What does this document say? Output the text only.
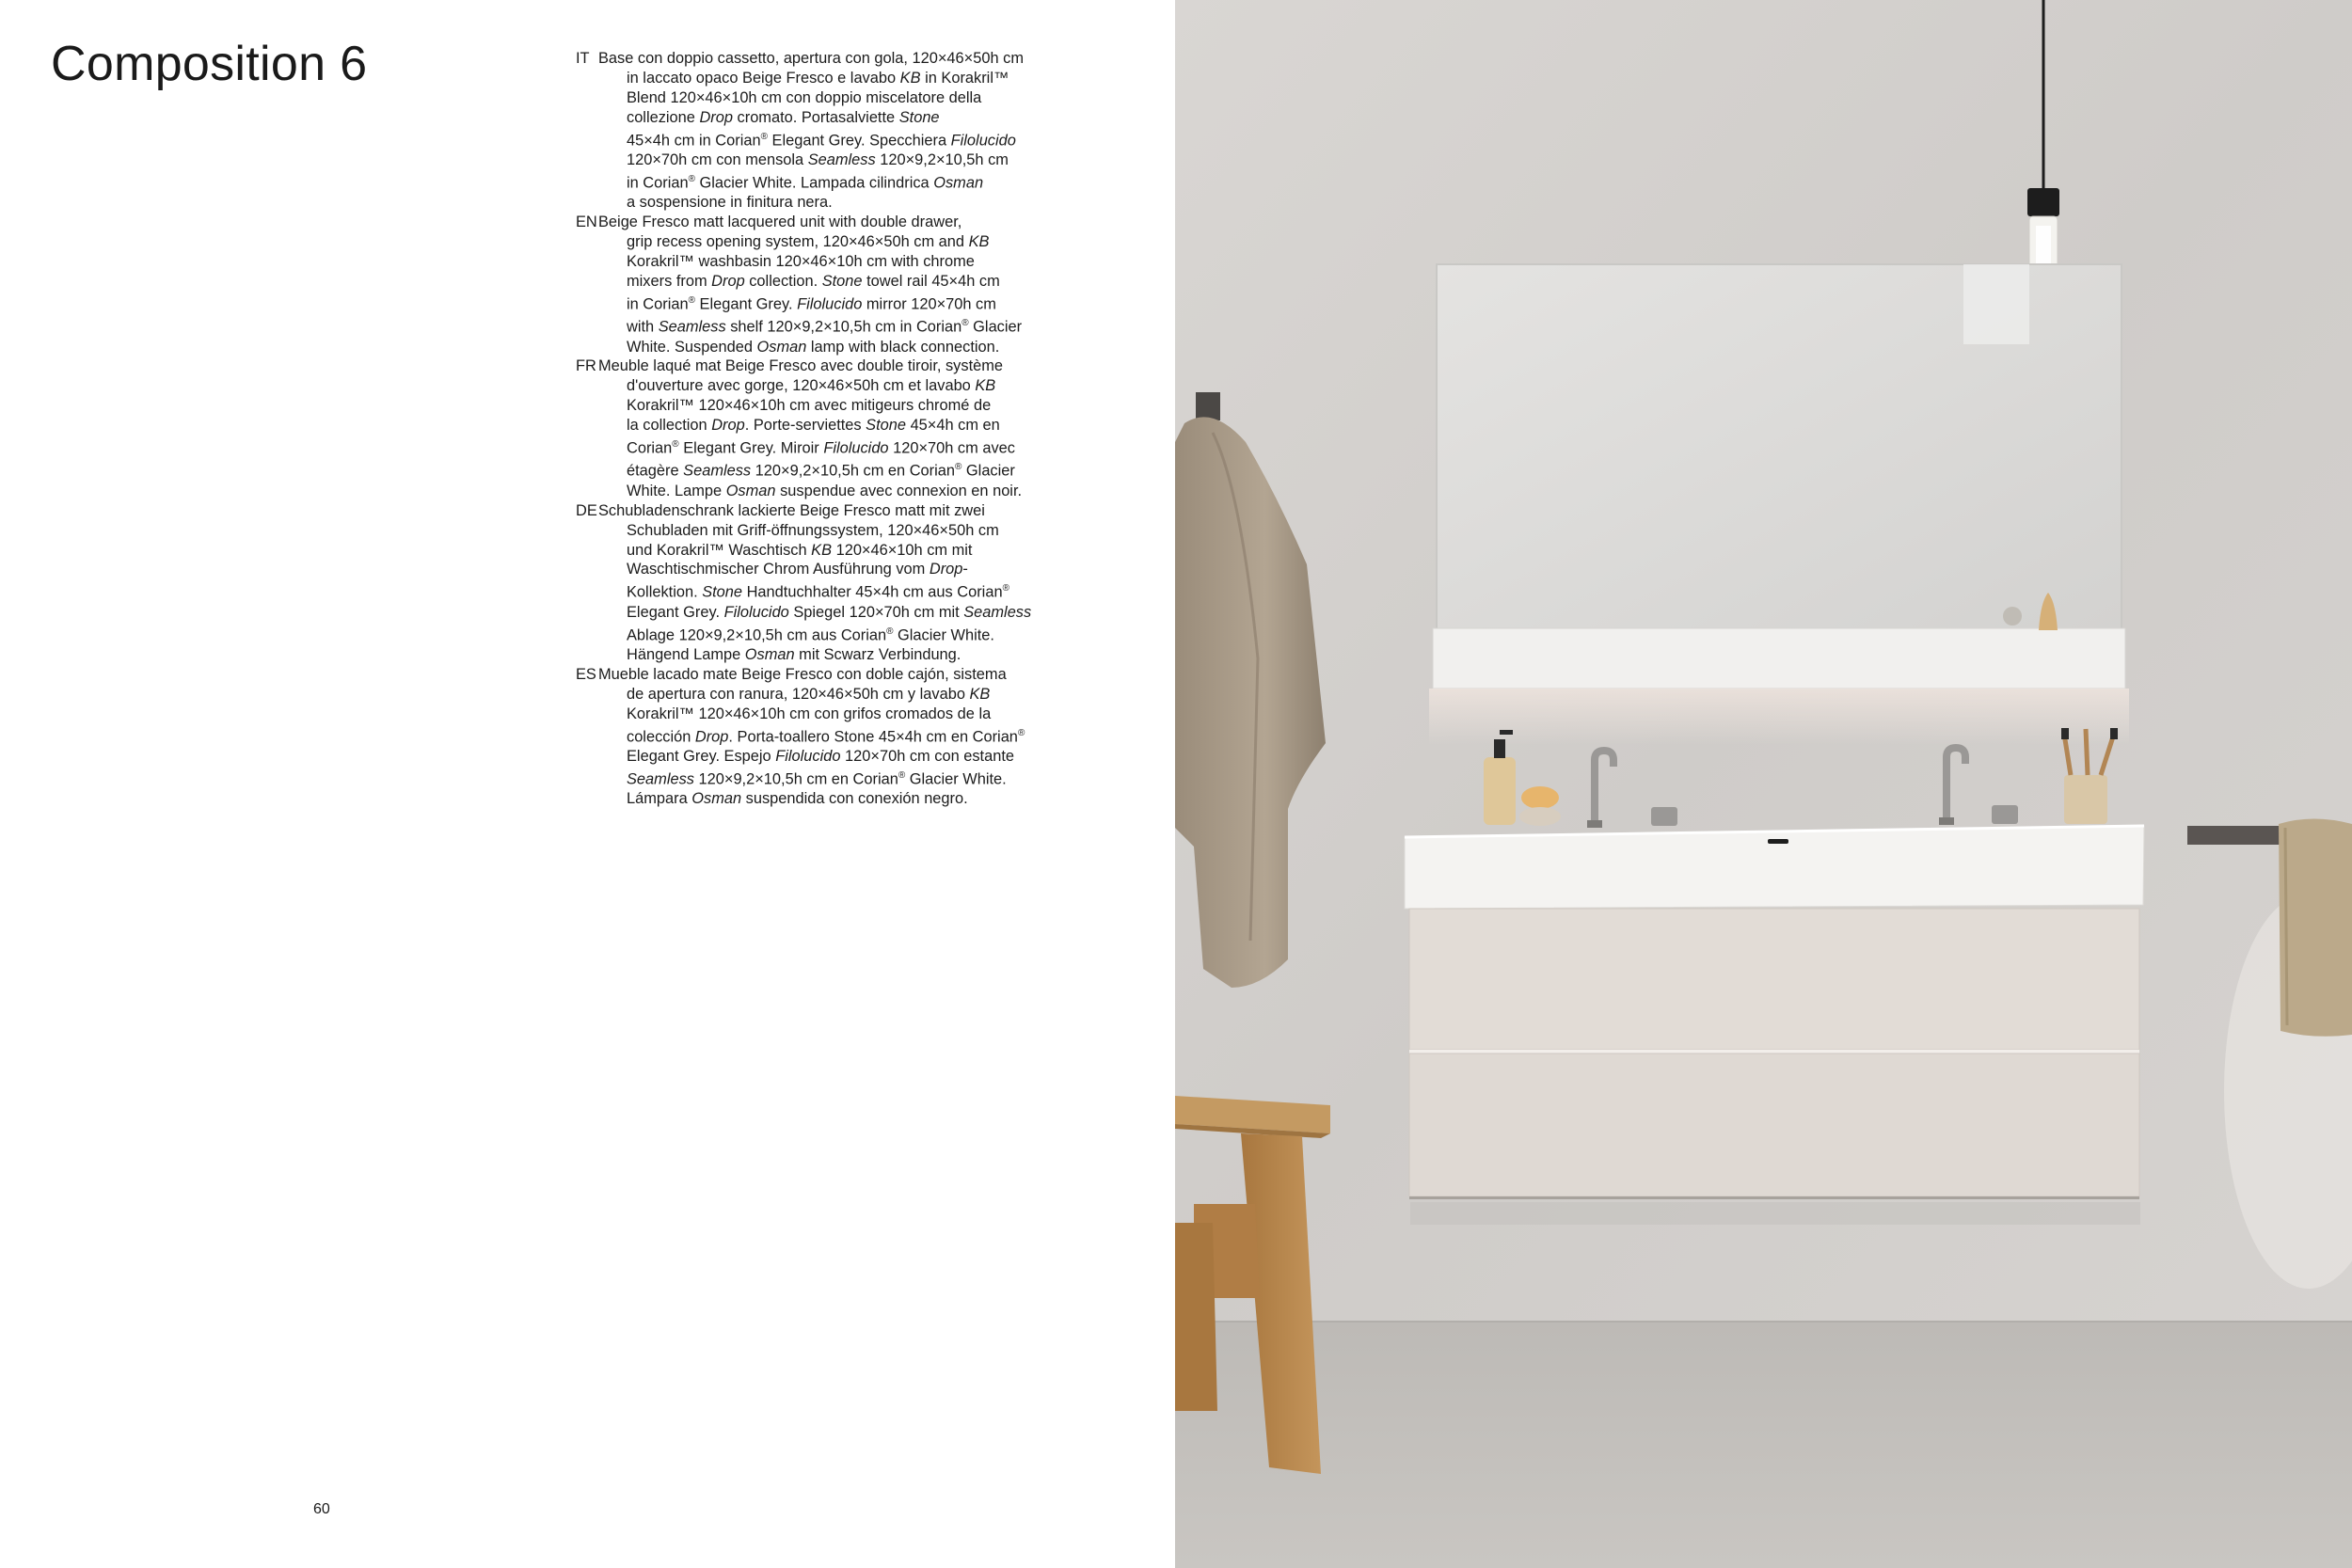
Composition 6	IT Base con doppio cassetto, apertura con gola, 120×46×50h cm
in laccato opaco Beige Fresco e lavabo KB in Korakril™
Blend 120×46×10h cm con doppio miscelatore della
collezione Drop cromato. Portasalviette Stone
45×4h cm in Corian® Elegant Grey. Specchiera Filolucido
120×70h cm con mensola Seamless 120×9,2×10,5h cm
in Corian® Glacier White. Lampada cilindrica Osman
a sospensione in finitura nera.

ENBeige Fresco matt lacquered unit with double drawer,
grip recess opening system, 120×46×50h cm and KB
Korakril™ washbasin 120×46×10h cm with chrome
mixers from Drop collection. Stone towel rail 45×4h cm
in Corian® Elegant Grey. Filolucido mirror 120×70h cm
with Seamless shelf 120×9,2×10,5h cm in Corian® Glacier
White. Suspended Osman lamp with black connection.

FR Meuble laqué mat Beige Fresco avec double tiroir, système
d'ouverture avec gorge, 120×46×50h cm et lavabo KB
Korakril™ 120×46×10h cm avec mitigeurs chromé de
la collection Drop. Porte-serviettes Stone 45×4h cm en
Corian® Elegant Grey. Miroir Filolucido 120×70h cm avec
étagère Seamless 120×9,2×10,5h cm en Corian® Glacier
White. Lampe Osman suspendue avec connexion en noir.

DESchubladenschrank lackierte Beige Fresco matt mit zwei
Schubladen mit Griff-öffnungssystem, 120×46×50h cm
und Korakril™ Waschtisch KB 120×46×10h cm mit
Waschtischmischer Chrom Ausführung vom Drop-
Kollektion. Stone Handtuchhalter 45×4h cm aus Corian®
Elegant Grey. Filolucido Spiegel 120×70h cm mit Seamless
Ablage 120×9,2×10,5h cm aus Corian® Glacier White.
Hängend Lampe Osman mit Scwarz Verbindung.

ES Mueble lacado mate Beige Fresco con doble cajón, sistema
de apertura con ranura, 120×46×50h cm y lavabo KB
Korakril™ 120×46×10h cm con grifos cromados de la
colección Drop. Porta-toallero Stone 45×4h cm en Corian®
Elegant Grey. Espejo Filolucido 120×70h cm con estante
Seamless 120×9,2×10,5h cm en Corian® Glacier White.
Lámpara Osman suspendida con conexión negro.

60
